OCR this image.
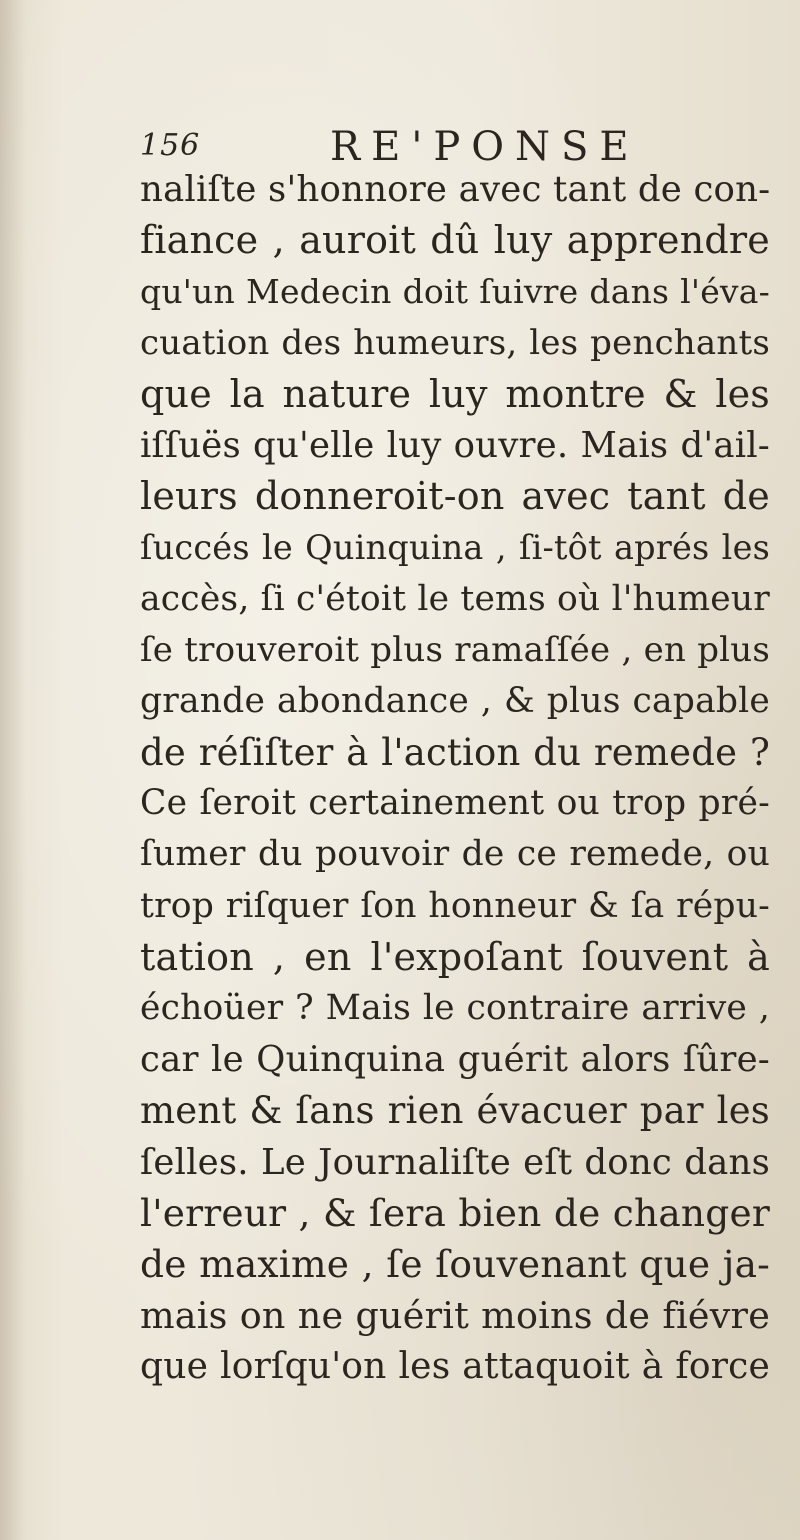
156	RE'PONSE
naliſte s'honnore avec tant de con-
fiance , auroit dû luy apprendre
qu'un Medecin doit ſuivre dans l'éva-
cuation des humeurs, les penchants
que la nature luy montre & les
iſſuës qu'elle luy ouvre. Mais d'ail-
leurs donneroit-on avec tant de
ſuccés le Quinquina , ſi-tôt aprés les
accès, ſi c'étoit le tems où l'humeur
ſe trouveroit plus ramaſſée , en plus
grande abondance , & plus capable
de réſiſter à l'action du remede ?
Ce ſeroit certainement ou trop pré-
ſumer du pouvoir de ce remede, ou
trop riſquer ſon honneur & ſa répu-
tation , en l'expoſant ſouvent à
échoüer ? Mais le contraire arrive ,
car le Quinquina guérit alors ſûre-
ment & ſans rien évacuer par les
ſelles. Le Journaliſte eſt donc dans
l'erreur , & ſera bien de changer
de maxime , ſe ſouvenant que ja-
mais on ne guérit moins de fiévre
que lorſqu'on les attaquoit à force
